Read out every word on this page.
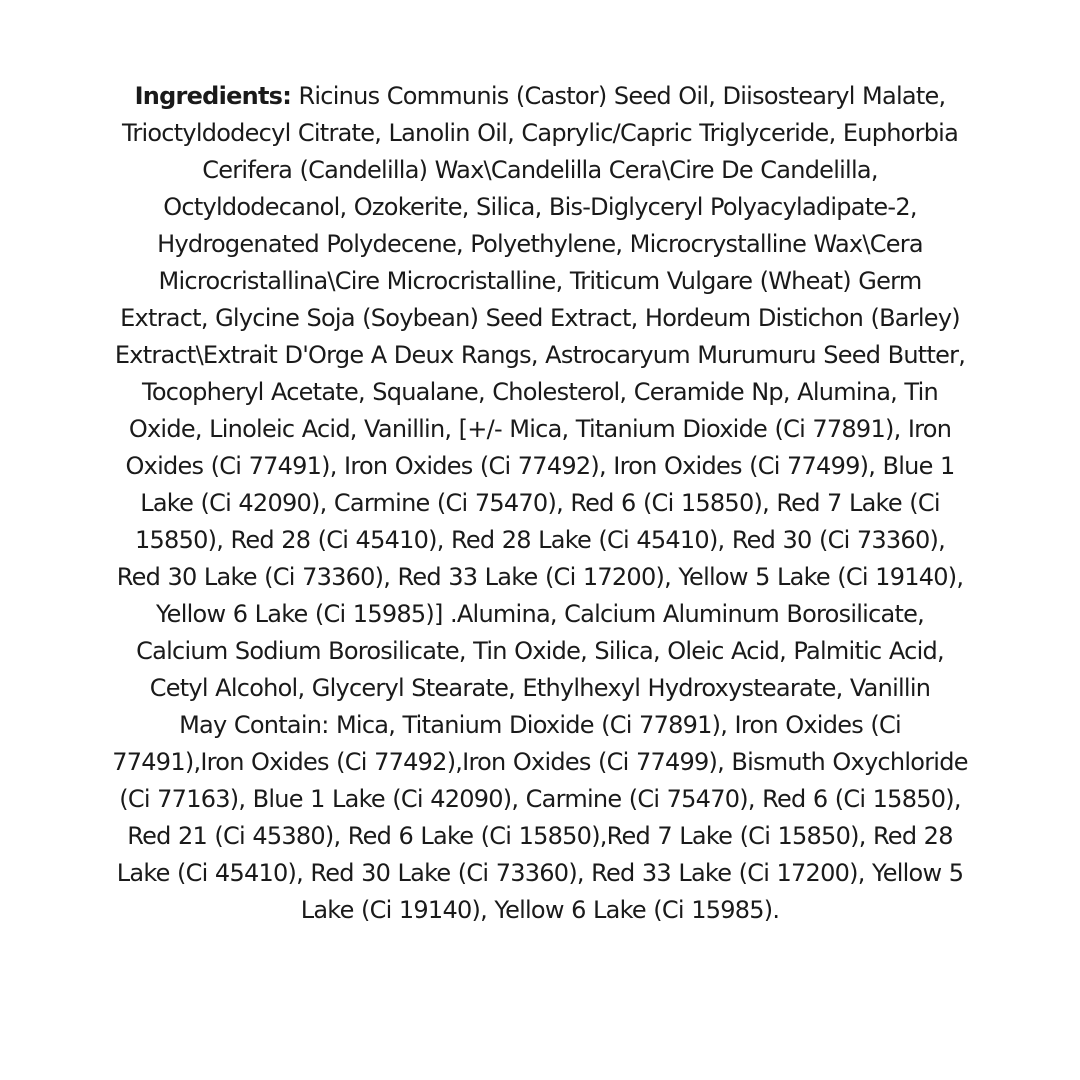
Ingredients: Ricinus Communis (Castor) Seed Oil, Diisostearyl Malate, Trioctyldodecyl Citrate, Lanolin Oil, Caprylic/Capric Triglyceride, Euphorbia Cerifera (Candelilla) Wax\Candelilla Cera\Cire De Candelilla, Octyldodecanol, Ozokerite, Silica, Bis-Diglyceryl Polyacyladipate-2, Hydrogenated Polydecene, Polyethylene, Microcrystalline Wax\Cera Microcristallina\Cire Microcristalline, Triticum Vulgare (Wheat) Germ Extract, Glycine Soja (Soybean) Seed Extract, Hordeum Distichon (Barley) Extract\Extrait D'Orge A Deux Rangs, Astrocaryum Murumuru Seed Butter, Tocopheryl Acetate, Squalane, Cholesterol, Ceramide Np, Alumina, Tin Oxide, Linoleic Acid, Vanillin, [+/- Mica, Titanium Dioxide (Ci 77891), Iron Oxides (Ci 77491), Iron Oxides (Ci 77492), Iron Oxides (Ci 77499), Blue 1 Lake (Ci 42090), Carmine (Ci 75470), Red 6 (Ci 15850), Red 7 Lake (Ci 15850), Red 28 (Ci 45410), Red 28 Lake (Ci 45410), Red 30 (Ci 73360), Red 30 Lake (Ci 73360), Red 33 Lake (Ci 17200), Yellow 5 Lake (Ci 19140), Yellow 6 Lake (Ci 15985)] .Alumina, Calcium Aluminum Borosilicate, Calcium Sodium Borosilicate, Tin Oxide, Silica, Oleic Acid, Palmitic Acid, Cetyl Alcohol, Glyceryl Stearate, Ethylhexyl Hydroxystearate, Vanillin

May Contain: Mica, Titanium Dioxide (Ci 77891), Iron Oxides (Ci 77491),Iron Oxides (Ci 77492),Iron Oxides (Ci 77499), Bismuth Oxychloride (Ci 77163), Blue 1 Lake (Ci 42090), Carmine (Ci 75470), Red 6 (Ci 15850), Red 21 (Ci 45380), Red 6 Lake (Ci 15850),Red 7 Lake (Ci 15850), Red 28 Lake (Ci 45410), Red 30 Lake (Ci 73360), Red 33 Lake (Ci 17200), Yellow 5 Lake (Ci 19140), Yellow 6 Lake (Ci 15985).
